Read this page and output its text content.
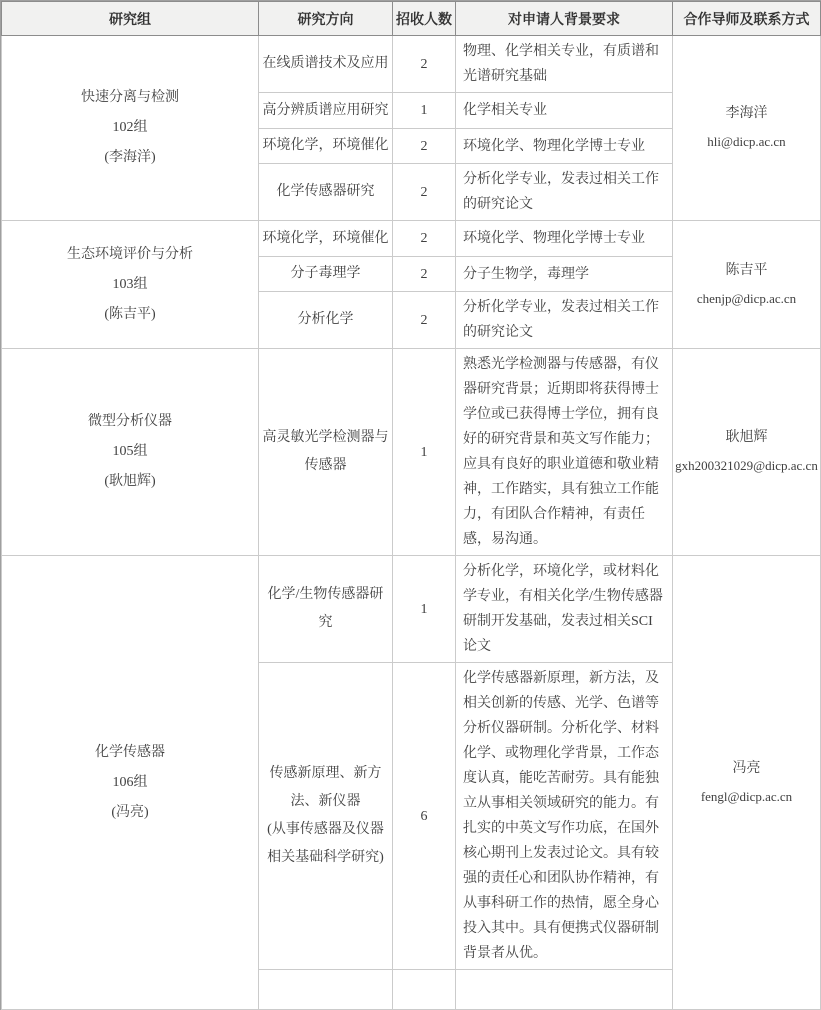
研究组	研究方向	招收人数	对申请人背景要求	合作导师及联系方式

快速分离与检测
102组
(李海洋)
	在线质谱技术及应用	2	物理、化学相关专业，有质谱和光谱研究基础	
李海洋
hli@dicp.ac.cn

	高分辨质谱应用研究	1	化学相关专业	
	环境化学，环境催化	2	环境化学、物理化学博士专业	
	化学传感器研究	2	分析化学专业，发表过相关工作的研究论文	

生态环境评价与分析
103组
(陈吉平)
	环境化学，环境催化	2	环境化学、物理化学博士专业	
陈吉平
chenjp@dicp.ac.cn

	分子毒理学	2	分子生物学，毒理学	
	分析化学	2	分析化学专业，发表过相关工作的研究论文	

微型分析仪器
105组
(耿旭辉)
	高灵敏光学检测器与传感器	1	熟悉光学检测器与传感器，有仪器研究背景；近期即将获得博士学位或已获得博士学位，拥有良好的研究背景和英文写作能力；应具有良好的职业道德和敬业精神，工作踏实，具有独立工作能力，有团队合作精神，有责任感，易沟通。	
耿旭辉
gxh200321029@dicp.ac.cn

化学传感器
106组
(冯亮)
	化学/生物传感器研究	1	分析化学，环境化学，或材料化学专业，有相关化学/生物传感器研制开发基础，发表过相关SCI论文	
冯亮
fengl@dicp.ac.cn

	传感新原理、新方法、新仪器
(从事传感器及仪器相关基础科学研究)	6	化学传感器新原理，新方法，及相关创新的传感、光学、色谱等分析仪器研制。分析化学、材料化学、或物理化学背景，工作态度认真，能吃苦耐劳。具有能独立从事相关领域研究的能力。有扎实的中英文写作功底，在国外核心期刊上发表过论文。具有较强的责任心和团队协作精神，有从事科研工作的热情，愿全身心投入其中。具有便携式仪器研制背景者从优。	
